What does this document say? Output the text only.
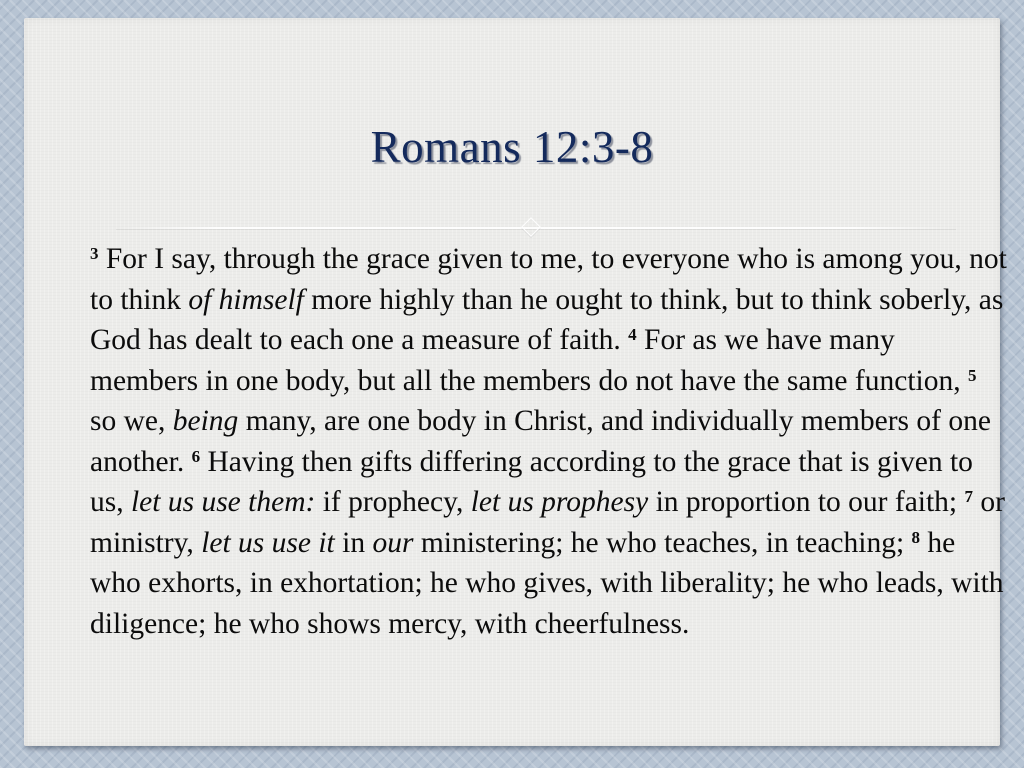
Romans 12:3-8

$^3$ For I say, through the grace given to me, to everyone who is among you, not to think of himself more highly than he ought to think, but to think soberly, as God has dealt to each one a measure of faith. $^4$ For as we have many members in one body, but all the members do not have the same function, $^5$ so we, being many, are one body in Christ, and individually members of one another. $^6$ Having then gifts differing according to the grace that is given to us, let us use them: if prophecy, let us prophesy in proportion to our faith; $^7$ or ministry, let us use it in our ministering; he who teaches, in teaching; $^8$ he who exhorts, in exhortation; he who gives, with liberality; he who leads, with diligence; he who shows mercy, with cheerfulness.
